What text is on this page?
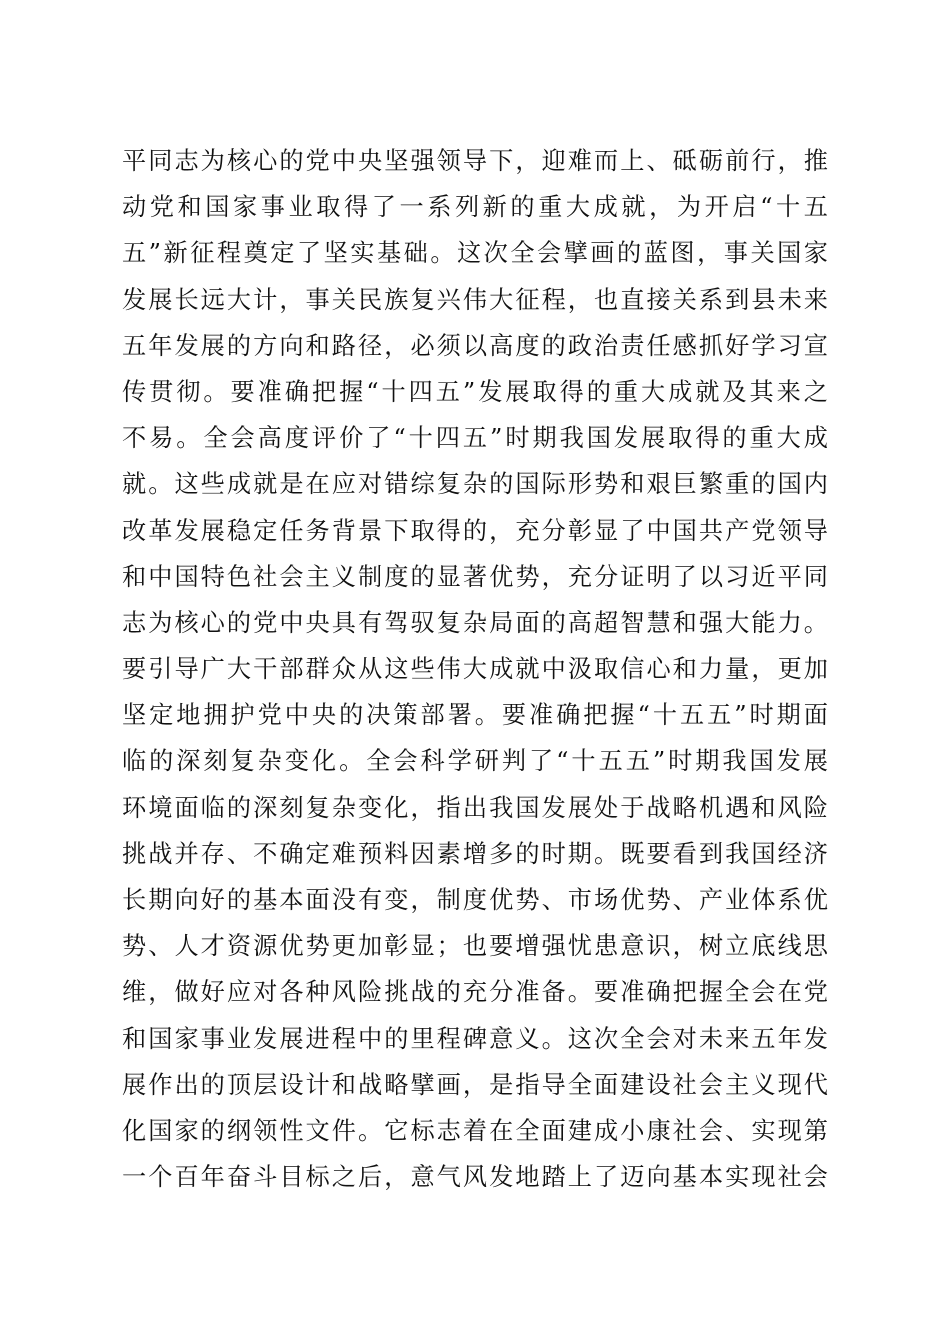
平同志为核心的党中央坚强领导下，迎难而上、砥砺前行，推
动党和国家事业取得了一系列新的重大成就，为开启“十五
五”新征程奠定了坚实基础。这次全会擘画的蓝图，事关国家
发展长远大计，事关民族复兴伟大征程，也直接关系到县未来
五年发展的方向和路径，必须以高度的政治责任感抓好学习宣
传贯彻。要准确把握“十四五”发展取得的重大成就及其来之
不易。全会高度评价了“十四五”时期我国发展取得的重大成
就。这些成就是在应对错综复杂的国际形势和艰巨繁重的国内
改革发展稳定任务背景下取得的，充分彰显了中国共产党领导
和中国特色社会主义制度的显著优势，充分证明了以习近平同
志为核心的党中央具有驾驭复杂局面的高超智慧和强大能力。
要引导广大干部群众从这些伟大成就中汲取信心和力量，更加
坚定地拥护党中央的决策部署。要准确把握“十五五”时期面
临的深刻复杂变化。全会科学研判了“十五五”时期我国发展
环境面临的深刻复杂变化，指出我国发展处于战略机遇和风险
挑战并存、不确定难预料因素增多的时期。既要看到我国经济
长期向好的基本面没有变，制度优势、市场优势、产业体系优
势、人才资源优势更加彰显；也要增强忧患意识，树立底线思
维，做好应对各种风险挑战的充分准备。要准确把握全会在党
和国家事业发展进程中的里程碑意义。这次全会对未来五年发
展作出的顶层设计和战略擘画，是指导全面建设社会主义现代
化国家的纲领性文件。它标志着在全面建成小康社会、实现第
一个百年奋斗目标之后，意气风发地踏上了迈向基本实现社会
